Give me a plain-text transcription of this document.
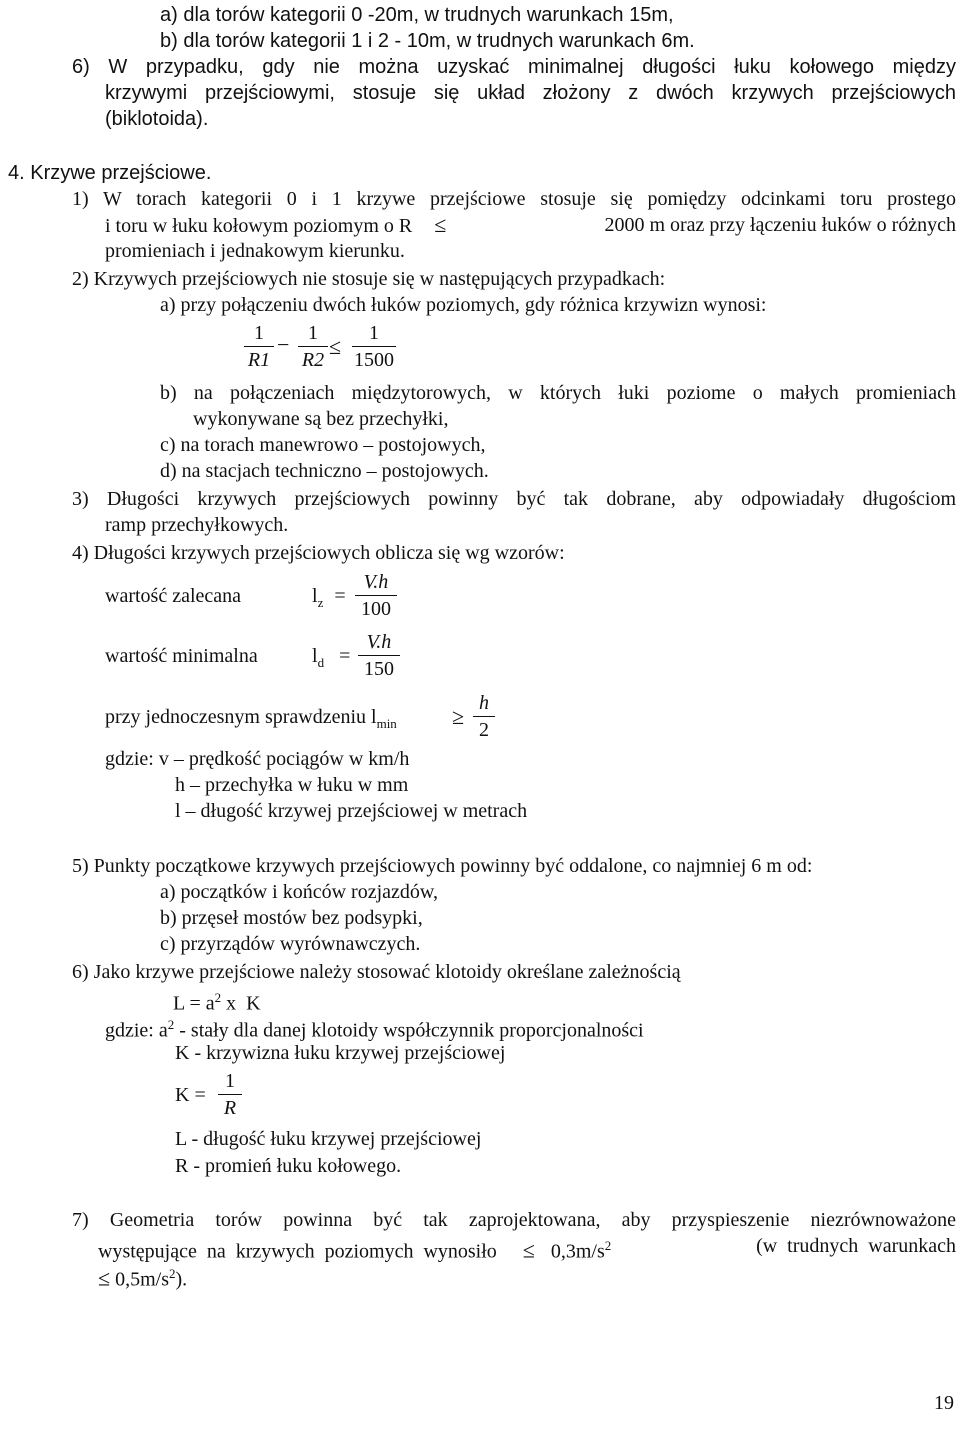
a) dla torów kategorii 0 -20m, w trudnych warunkach 15m,
b) dla torów kategorii 1 i 2 - 10m, w trudnych warunkach 6m.
6) W przypadku, gdy nie można uzyskać minimalnej długości łuku kołowego między
krzywymi przejściowymi, stosuje się układ złożony z dwóch krzywych przejściowych
(biklotoida).
4. Krzywe przejściowe.
1) W torach kategorii 0 i 1 krzywe przejściowe stosuje się pomiędzy odcinkami toru prostego
i toru w łuku kołowym poziomym o R ≤	2000 m oraz przy łączeniu łuków o różnych
promieniach i jednakowym kierunku.
2) Krzywych przejściowych nie stosuje się w następujących przypadkach:
a) przy połączeniu dwóch łuków poziomych, gdy różnica krzywizn wynosi:
1
R1
− 1
R2
≤
1
1500
b) na połączeniach międzytorowych, w których łuki poziome o małych promieniach
wykonywane są bez przechyłki,
c) na torach manewrowo – postojowych,
d) na stacjach techniczno – postojowych.
3) Długości krzywych przejściowych powinny być tak dobrane, aby odpowiadały długościom
ramp przechyłkowych.
4) Długości krzywych przejściowych oblicza się wg wzorów:
wartość zalecana	$l_z$ =
V.h
100
wartość minimalna	$l_d$ =
V.h
150
przy jednoczesnym sprawdzeniu $l_{min}$	≥
h
2
gdzie: v – prędkość pociągów w km/h
h – przechyłka w łuku w mm
l – długość krzywej przejściowej w metrach
5) Punkty początkowe krzywych przejściowych powinny być oddalone, co najmniej 6 m od:
a) początków i końców rozjazdów,
b) przęseł mostów bez podsypki,
c) przyrządów wyrównawczych.
6) Jako krzywe przejściowe należy stosować klotoidy określane zależnością
$L = a^2$ x  K
gdzie: $a^2$ - stały dla danej klotoidy współczynnik proporcjonalności
K - krzywizna łuku krzywej przejściowej
K =
1
R
L - długość łuku krzywej przejściowej
R - promień łuku kołowego.
7) Geometria torów powinna być tak zaprojektowana, aby przyspieszenie niezrównoważone
występujące  na  krzywych  poziomych  wynosiło ≤ $0,3m/s^2$	(w  trudnych  warunkach
≤ $0,5m/s^2$).
19
